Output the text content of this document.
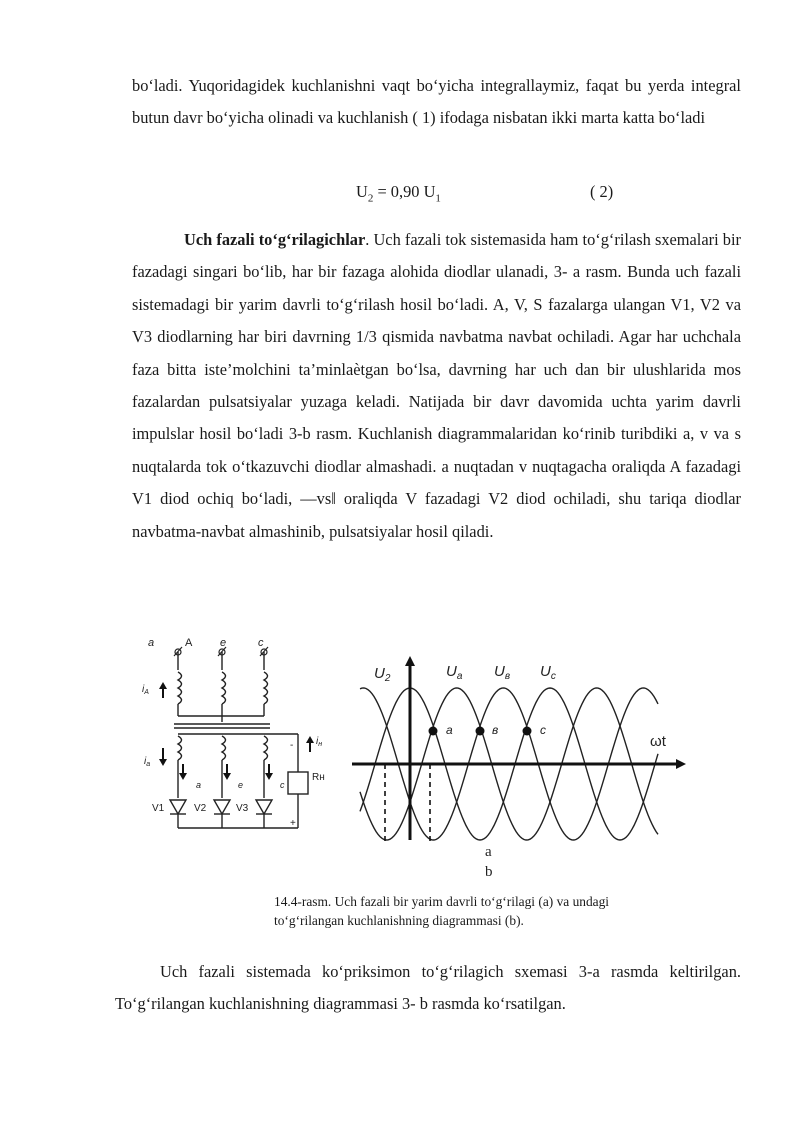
bo‘ladi. Yuqoridagidek kuchlanishni vaqt bo‘yicha integrallaymiz, faqat bu yerda integral butun davr bo‘yicha olinadi va kuchlanish ( 1) ifodaga nisbatan ikki marta katta bo‘ladi

$U_2 = 0,90$ $U_1$	( 2)

Uch fazali to‘g‘rilagichlar. Uch fazali tok sistemasida ham to‘g‘rilash sxemalari bir fazadagi singari bo‘lib, har bir fazaga alohida diodlar ulanadi, 3- a rasm. Bunda uch fazali sistemadagi bir yarim davrli to‘g‘rilash hosil bo‘ladi. A, V, S fazalarga ulangan V1, V2 va V3 diodlarning har biri davrning 1/3 qismida navbatma navbat ochiladi. Agar har uchchala faza bitta iste’molchini ta’minlaètgan bo‘lsa, davrning har uch dan bir ulushlarida mos fazalardan pulsatsiyalar yuzaga keladi. Natijada bir davr davomida uchta yarim davrli impulslar hosil bo‘ladi 3-b rasm. Kuchlanish diagrammalaridan ko‘rinib turibdiki a, v va s nuqtalarda tok o‘tkazuvchi diodlar almashadi. a nuqtadan v nuqtagacha oraliqda A fazadagi V1 diod ochiq bo‘ladi, ―vs‖ oraliqda V fazadagi V2 diod ochiladi, shu tariqa diodlar navbatma-navbat almashinib, pulsatsiyalar hosil qiladi.

a	A	e	c
$i_A$
$i_a$
$i_н$
a	e	c
Rн
-
+
V1	V2	V3
$U_2$	$U_a$ $U_в$ $U_c$
a	в	c
ωt
a
b

14.4-rasm. Uch fazali bir yarim davrli to‘g‘rilagi (a) va undagi
to‘g‘rilangan kuchlanishning diagrammasi (b).

Uch fazali sistemada ko‘priksimon to‘g‘rilagich sxemasi 3-a rasmda keltirilgan. To‘g‘rilangan kuchlanishning diagrammasi 3- b rasmda ko‘rsatilgan.
